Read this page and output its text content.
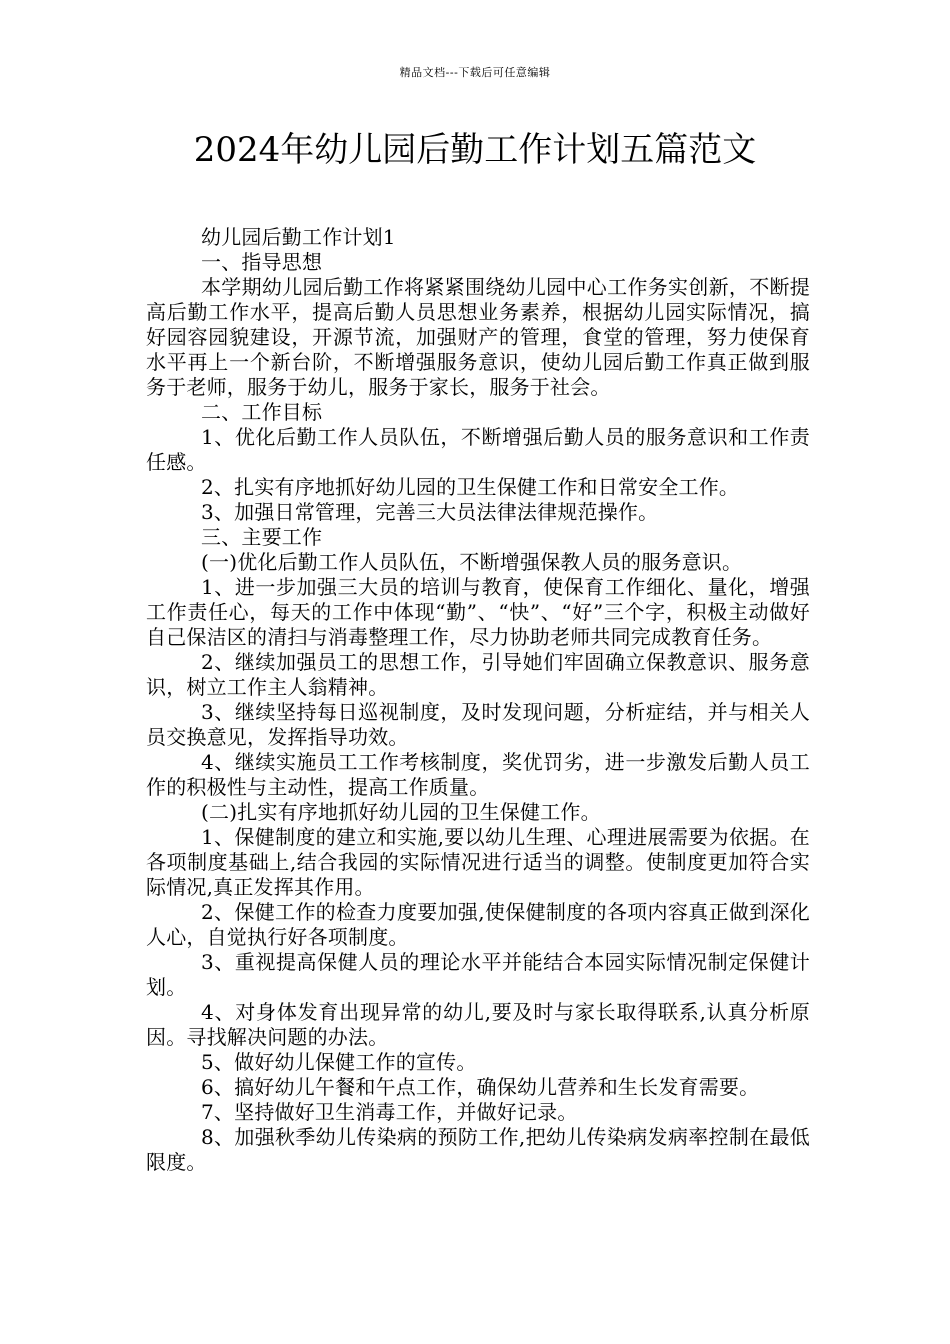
精品文档---下载后可任意编辑
2024年幼儿园后勤工作计划五篇范文

幼儿园后勤工作计划1

一、指导思想

本学期幼儿园后勤工作将紧紧围绕幼儿园中心工作务实创新，不断提高后勤工作水平，提高后勤人员思想业务素养，根据幼儿园实际情况，搞好园容园貌建设，开源节流，加强财产的管理，食堂的管理，努力使保育水平再上一个新台阶，不断增强服务意识，使幼儿园后勤工作真正做到服务于老师，服务于幼儿，服务于家长，服务于社会。

二、工作目标

1、优化后勤工作人员队伍，不断增强后勤人员的服务意识和工作责任感。

2、扎实有序地抓好幼儿园的卫生保健工作和日常安全工作。

3、加强日常管理，完善三大员法律法律规范操作。

三、主要工作

(一)优化后勤工作人员队伍，不断增强保教人员的服务意识。

1、进一步加强三大员的培训与教育，使保育工作细化、量化，增强工作责任心，每天的工作中体现“勤”、“快”、“好”三个字，积极主动做好自己保洁区的清扫与消毒整理工作，尽力协助老师共同完成教育任务。

2、继续加强员工的思想工作，引导她们牢固确立保教意识、服务意识，树立工作主人翁精神。

3、继续坚持每日巡视制度，及时发现问题，分析症结，并与相关人员交换意见，发挥指导功效。

4、继续实施员工工作考核制度，奖优罚劣，进一步激发后勤人员工作的积极性与主动性，提高工作质量。

(二)扎实有序地抓好幼儿园的卫生保健工作。

1、保健制度的建立和实施,要以幼儿生理、心理进展需要为依据。在各项制度基础上,结合我园的实际情况进行适当的调整。使制度更加符合实际情况,真正发挥其作用。

2、保健工作的检查力度要加强,使保健制度的各项内容真正做到深化人心，自觉执行好各项制度。

3、重视提高保健人员的理论水平并能结合本园实际情况制定保健计划。

4、对身体发育出现异常的幼儿,要及时与家长取得联系,认真分析原因。寻找解决问题的办法。

5、做好幼儿保健工作的宣传。

6、搞好幼儿午餐和午点工作，确保幼儿营养和生长发育需要。

7、坚持做好卫生消毒工作，并做好记录。

8、加强秋季幼儿传染病的预防工作,把幼儿传染病发病率控制在最低限度。
